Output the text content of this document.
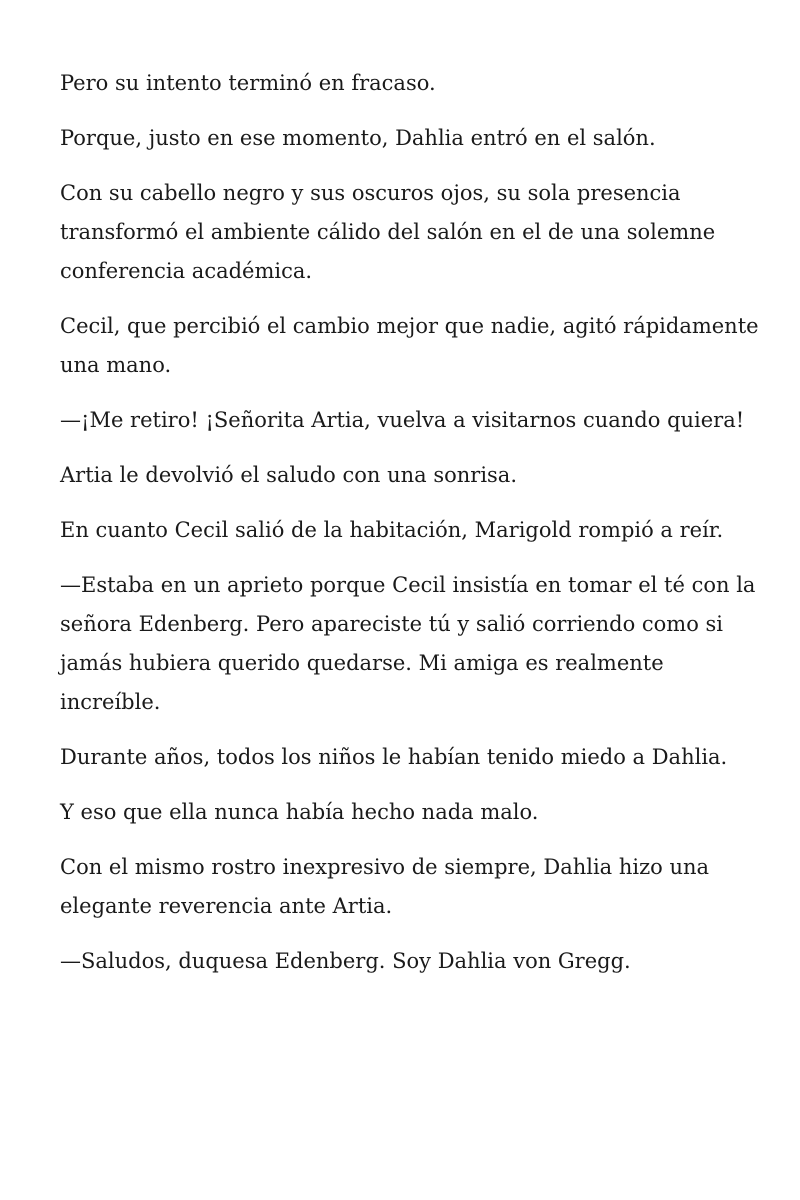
Pero su intento terminó en fracaso.

Porque, justo en ese momento, Dahlia entró en el salón.

Con su cabello negro y sus oscuros ojos, su sola presencia transformó el ambiente cálido del salón en el de una solemne conferencia académica.

Cecil, que percibió el cambio mejor que nadie, agitó rápidamente una mano.

—¡Me retiro! ¡Señorita Artia, vuelva a visitarnos cuando quiera!

Artia le devolvió el saludo con una sonrisa.

En cuanto Cecil salió de la habitación, Marigold rompió a reír.

—Estaba en un aprieto porque Cecil insistía en tomar el té con la señora Edenberg. Pero apareciste tú y salió corriendo como si jamás hubiera querido quedarse. Mi amiga es realmente increíble.

Durante años, todos los niños le habían tenido miedo a Dahlia.

Y eso que ella nunca había hecho nada malo.

Con el mismo rostro inexpresivo de siempre, Dahlia hizo una elegante reverencia ante Artia.

—Saludos, duquesa Edenberg. Soy Dahlia von Gregg.
